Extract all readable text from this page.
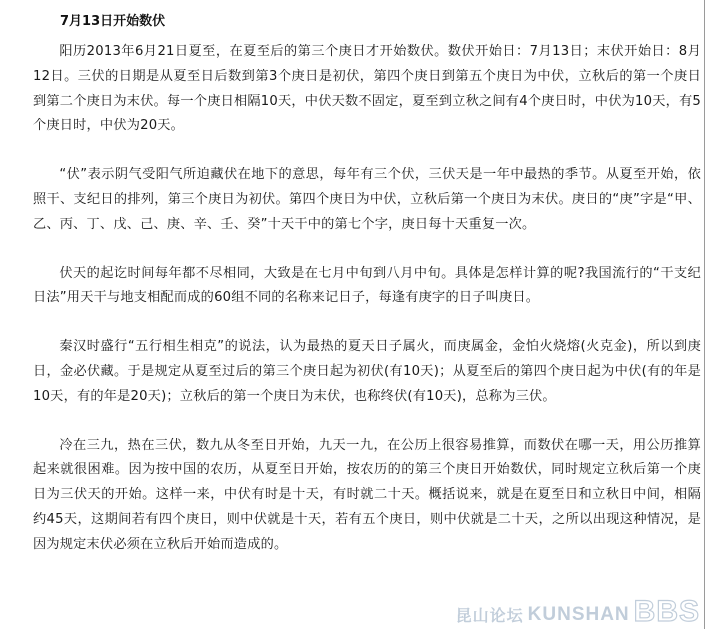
7月13日开始数伏

阳历2013年6月21日夏至，在夏至后的第三个庚日才开始数伏。数伏开始日：7月13日；末伏开始日：8月12日。三伏的日期是从夏至日后数到第3个庚日是初伏，第四个庚日到第五个庚日为中伏，立秋后的第一个庚日到第二个庚日为末伏。每一个庚日相隔10天，中伏天数不固定，夏至到立秋之间有4个庚日时，中伏为10天，有5个庚日时，中伏为20天。

“伏”表示阴气受阳气所迫藏伏在地下的意思，每年有三个伏，三伏天是一年中最热的季节。从夏至开始，依照干、支纪日的排列，第三个庚日为初伏。第四个庚日为中伏，立秋后第一个庚日为末伏。庚日的“庚”字是“甲、乙、丙、丁、戊、己、庚、辛、壬、癸”十天干中的第七个字，庚日每十天重复一次。

伏天的起讫时间每年都不尽相同，大致是在七月中旬到八月中旬。具体是怎样计算的呢?我国流行的“干支纪日法”用天干与地支相配而成的60组不同的名称来记日子，每逢有庚字的日子叫庚日。

秦汉时盛行“五行相生相克”的说法，认为最热的夏天日子属火，而庚属金，金怕火烧熔(火克金)，所以到庚日，金必伏藏。于是规定从夏至过后的第三个庚日起为初伏(有10天)；从夏至后的第四个庚日起为中伏(有的年是10天，有的年是20天)；立秋后的第一个庚日为末伏，也称终伏(有10天)，总称为三伏。

冷在三九，热在三伏，数九从冬至日开始，九天一九，在公历上很容易推算，而数伏在哪一天，用公历推算起来就很困难。因为按中国的农历，从夏至日开始，按农历的的第三个庚日开始数伏，同时规定立秋后第一个庚日为三伏天的开始。这样一来，中伏有时是十天，有时就二十天。概括说来，就是在夏至日和立秋日中间，相隔约45天，这期间若有四个庚日，则中伏就是十天，若有五个庚日，则中伏就是二十天，之所以出现这种情况，是因为规定末伏必须在立秋后开始而造成的。

昆山论坛 KUNSHAN BBS
